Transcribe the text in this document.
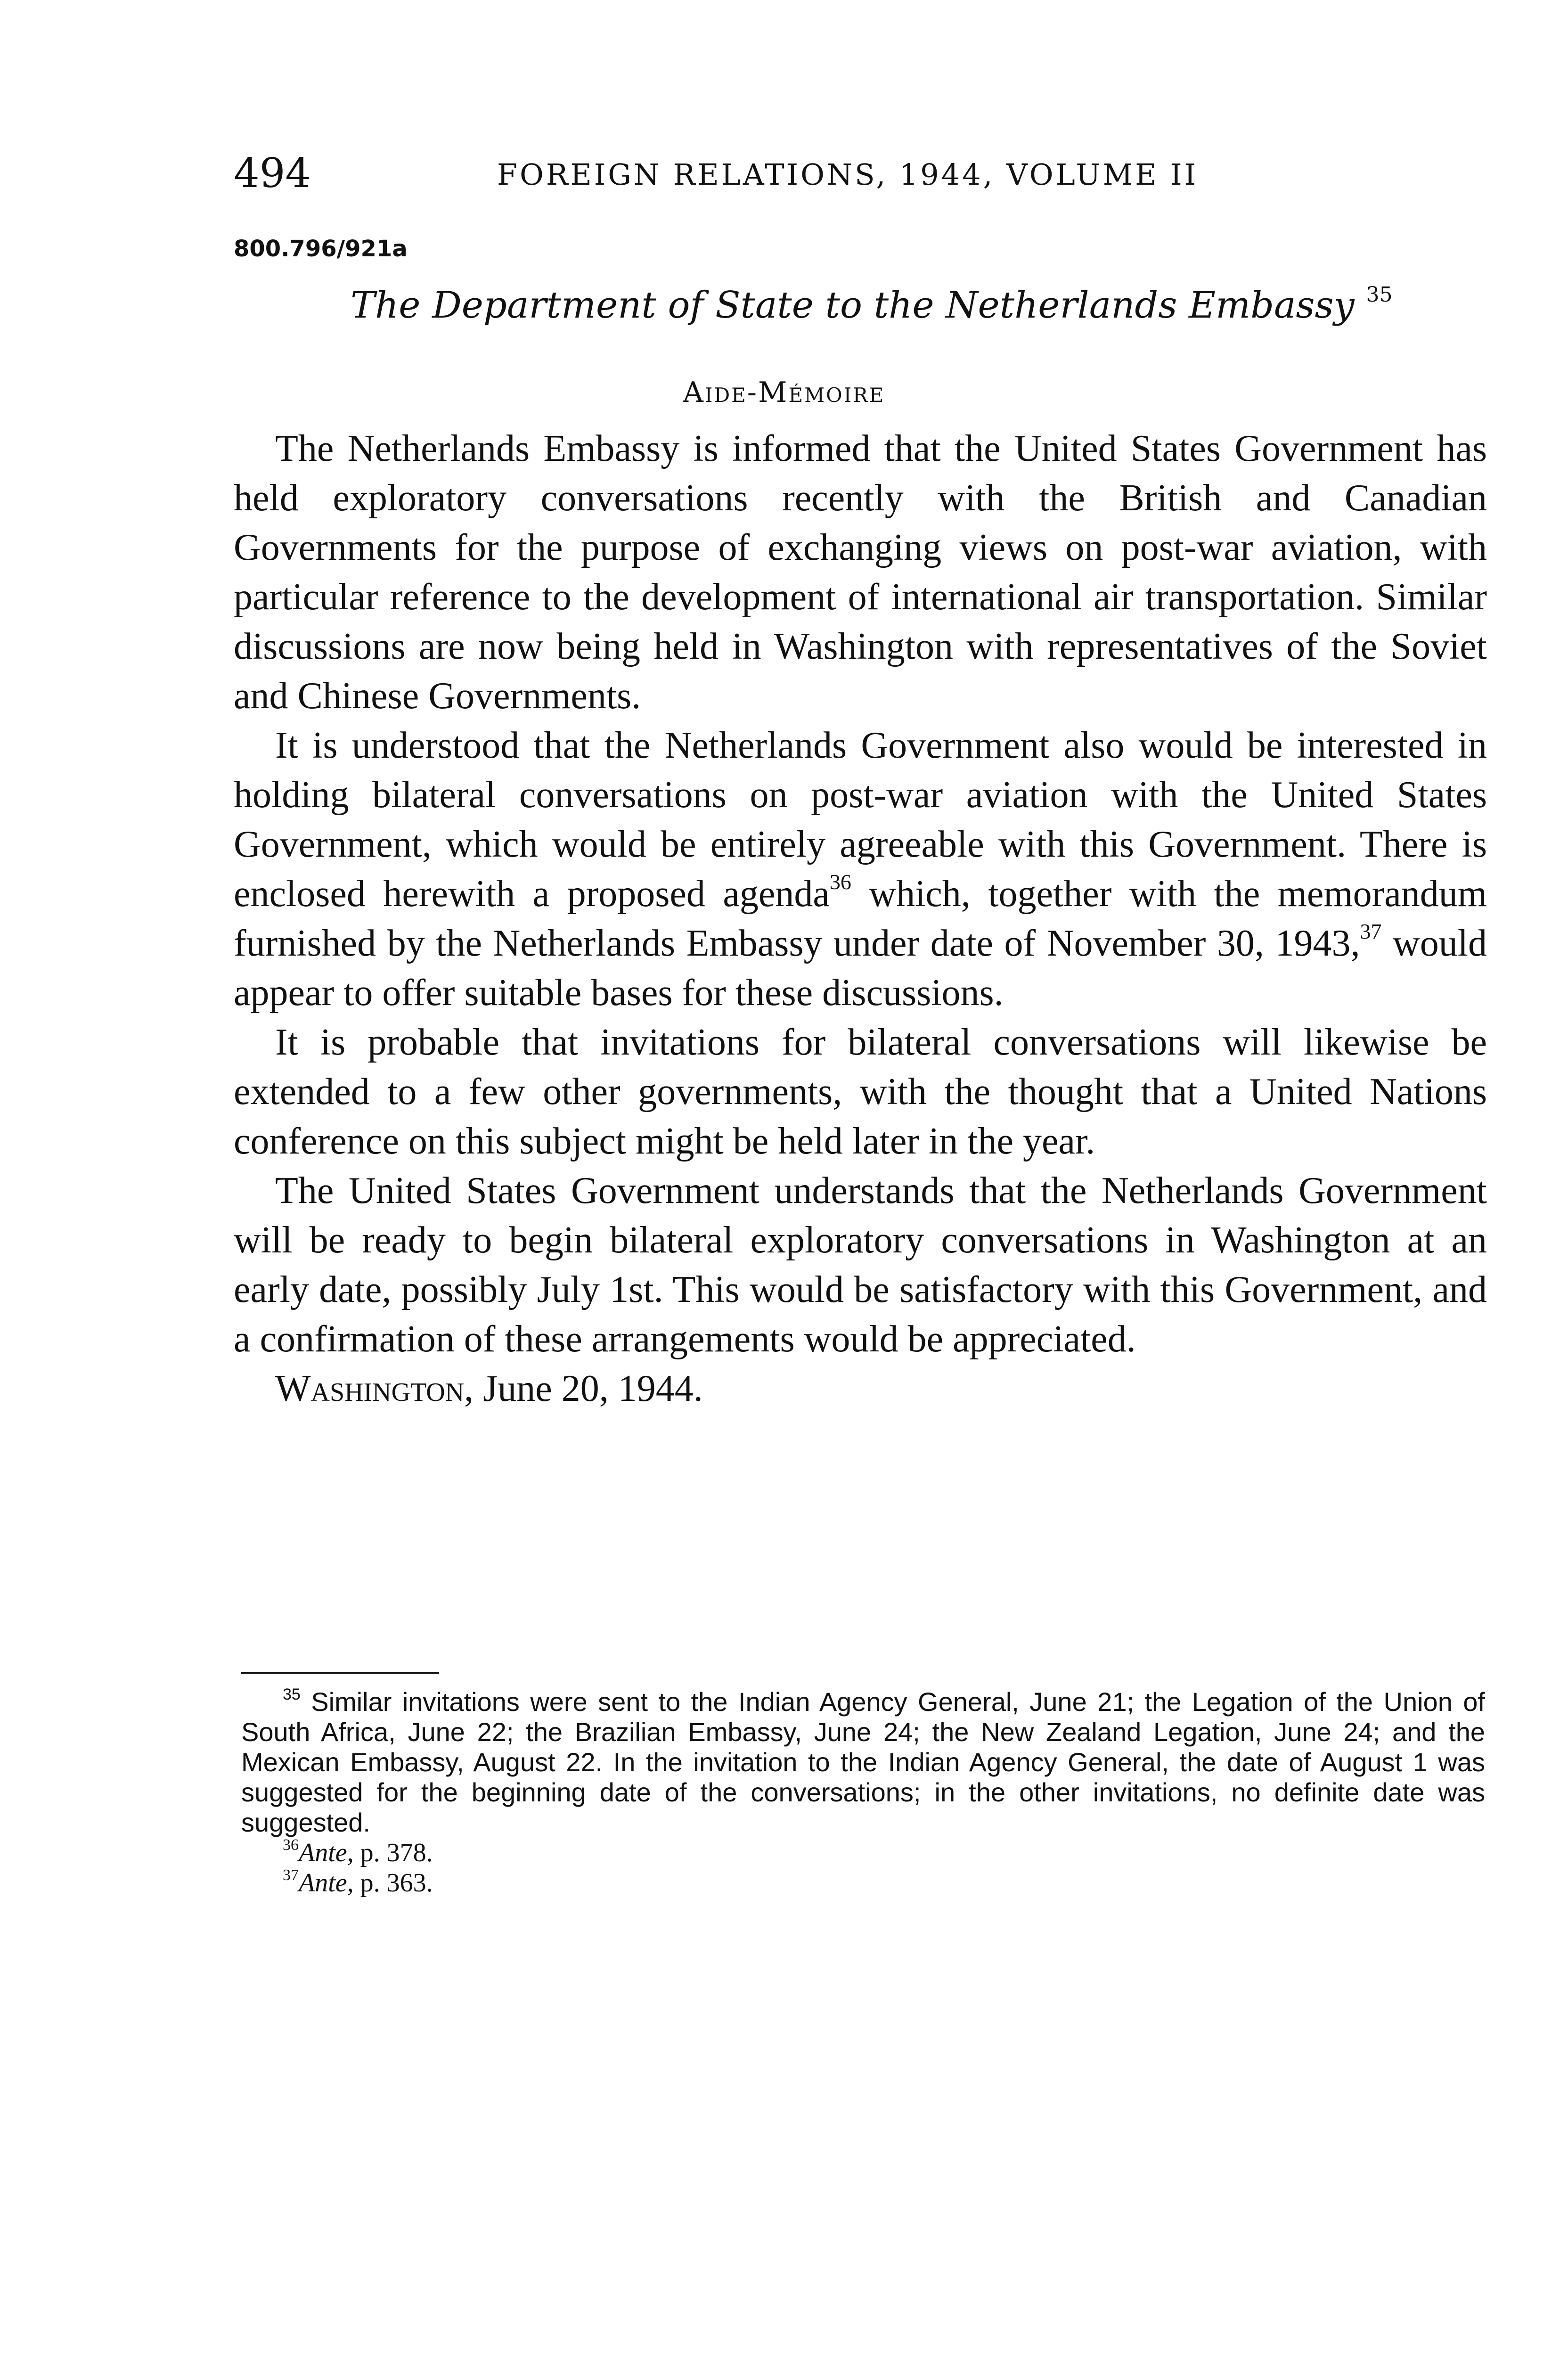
494	FOREIGN RELATIONS, 1944, VOLUME II
800.796/921a
The Department of State to the Netherlands Embassy $^{35}$
Aide-Mémoire

The Netherlands Embassy is informed that the United States Government has held exploratory conversations recently with the British and Canadian Governments for the purpose of exchanging views on post-war aviation, with particular reference to the development of international air transportation. Similar discussions are now being held in Washington with representatives of the Soviet and Chinese Governments.

It is understood that the Netherlands Government also would be interested in holding bilateral conversations on post-war aviation with the United States Government, which would be entirely agreeable with this Government. There is enclosed herewith a proposed agenda$^{36}$ which, together with the memorandum furnished by the Netherlands Embassy under date of November 30, 1943,37 would appear to offer suitable bases for these discussions.

It is probable that invitations for bilateral conversations will likewise be extended to a few other governments, with the thought that a United Nations conference on this subject might be held later in the year.

The United States Government understands that the Netherlands Government will be ready to begin bilateral exploratory conversations in Washington at an early date, possibly July 1st. This would be satisfactory with this Government, and a confirmation of these arrangements would be appreciated.

Washington, June 20, 1944.

$^{35}$ Similar invitations were sent to the Indian Agency General, June 21; the Legation of the Union of South Africa, June 22; the Brazilian Embassy, June 24; the New Zealand Legation, June 24; and the Mexican Embassy, August 22. In the invitation to the Indian Agency General, the date of August 1 was suggested for the beginning date of the conversations; in the other invitations, no definite date was suggested.

$^{36}$Ante, p. 378.

$^{37}$Ante, p. 363.
